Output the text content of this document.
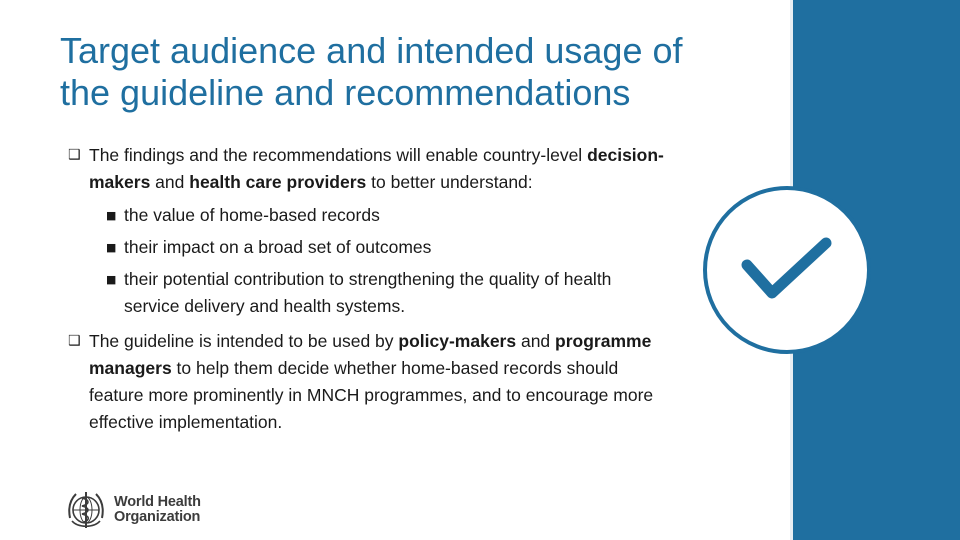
Target audience and intended usage of
the guideline and recommendations

❑ The findings and the recommendations will enable country-level decision-makers and health care providers to better understand:

■ the value of home-based records
■ their impact on a broad set of outcomes
■ their potential contribution to strengthening the quality of health service delivery and health systems.

❑ The guideline is intended to be used by policy-makers and programme managers to help them decide whether home-based records should feature more prominently in MNCH programmes, and to encourage more effective implementation.

World Health
Organization
